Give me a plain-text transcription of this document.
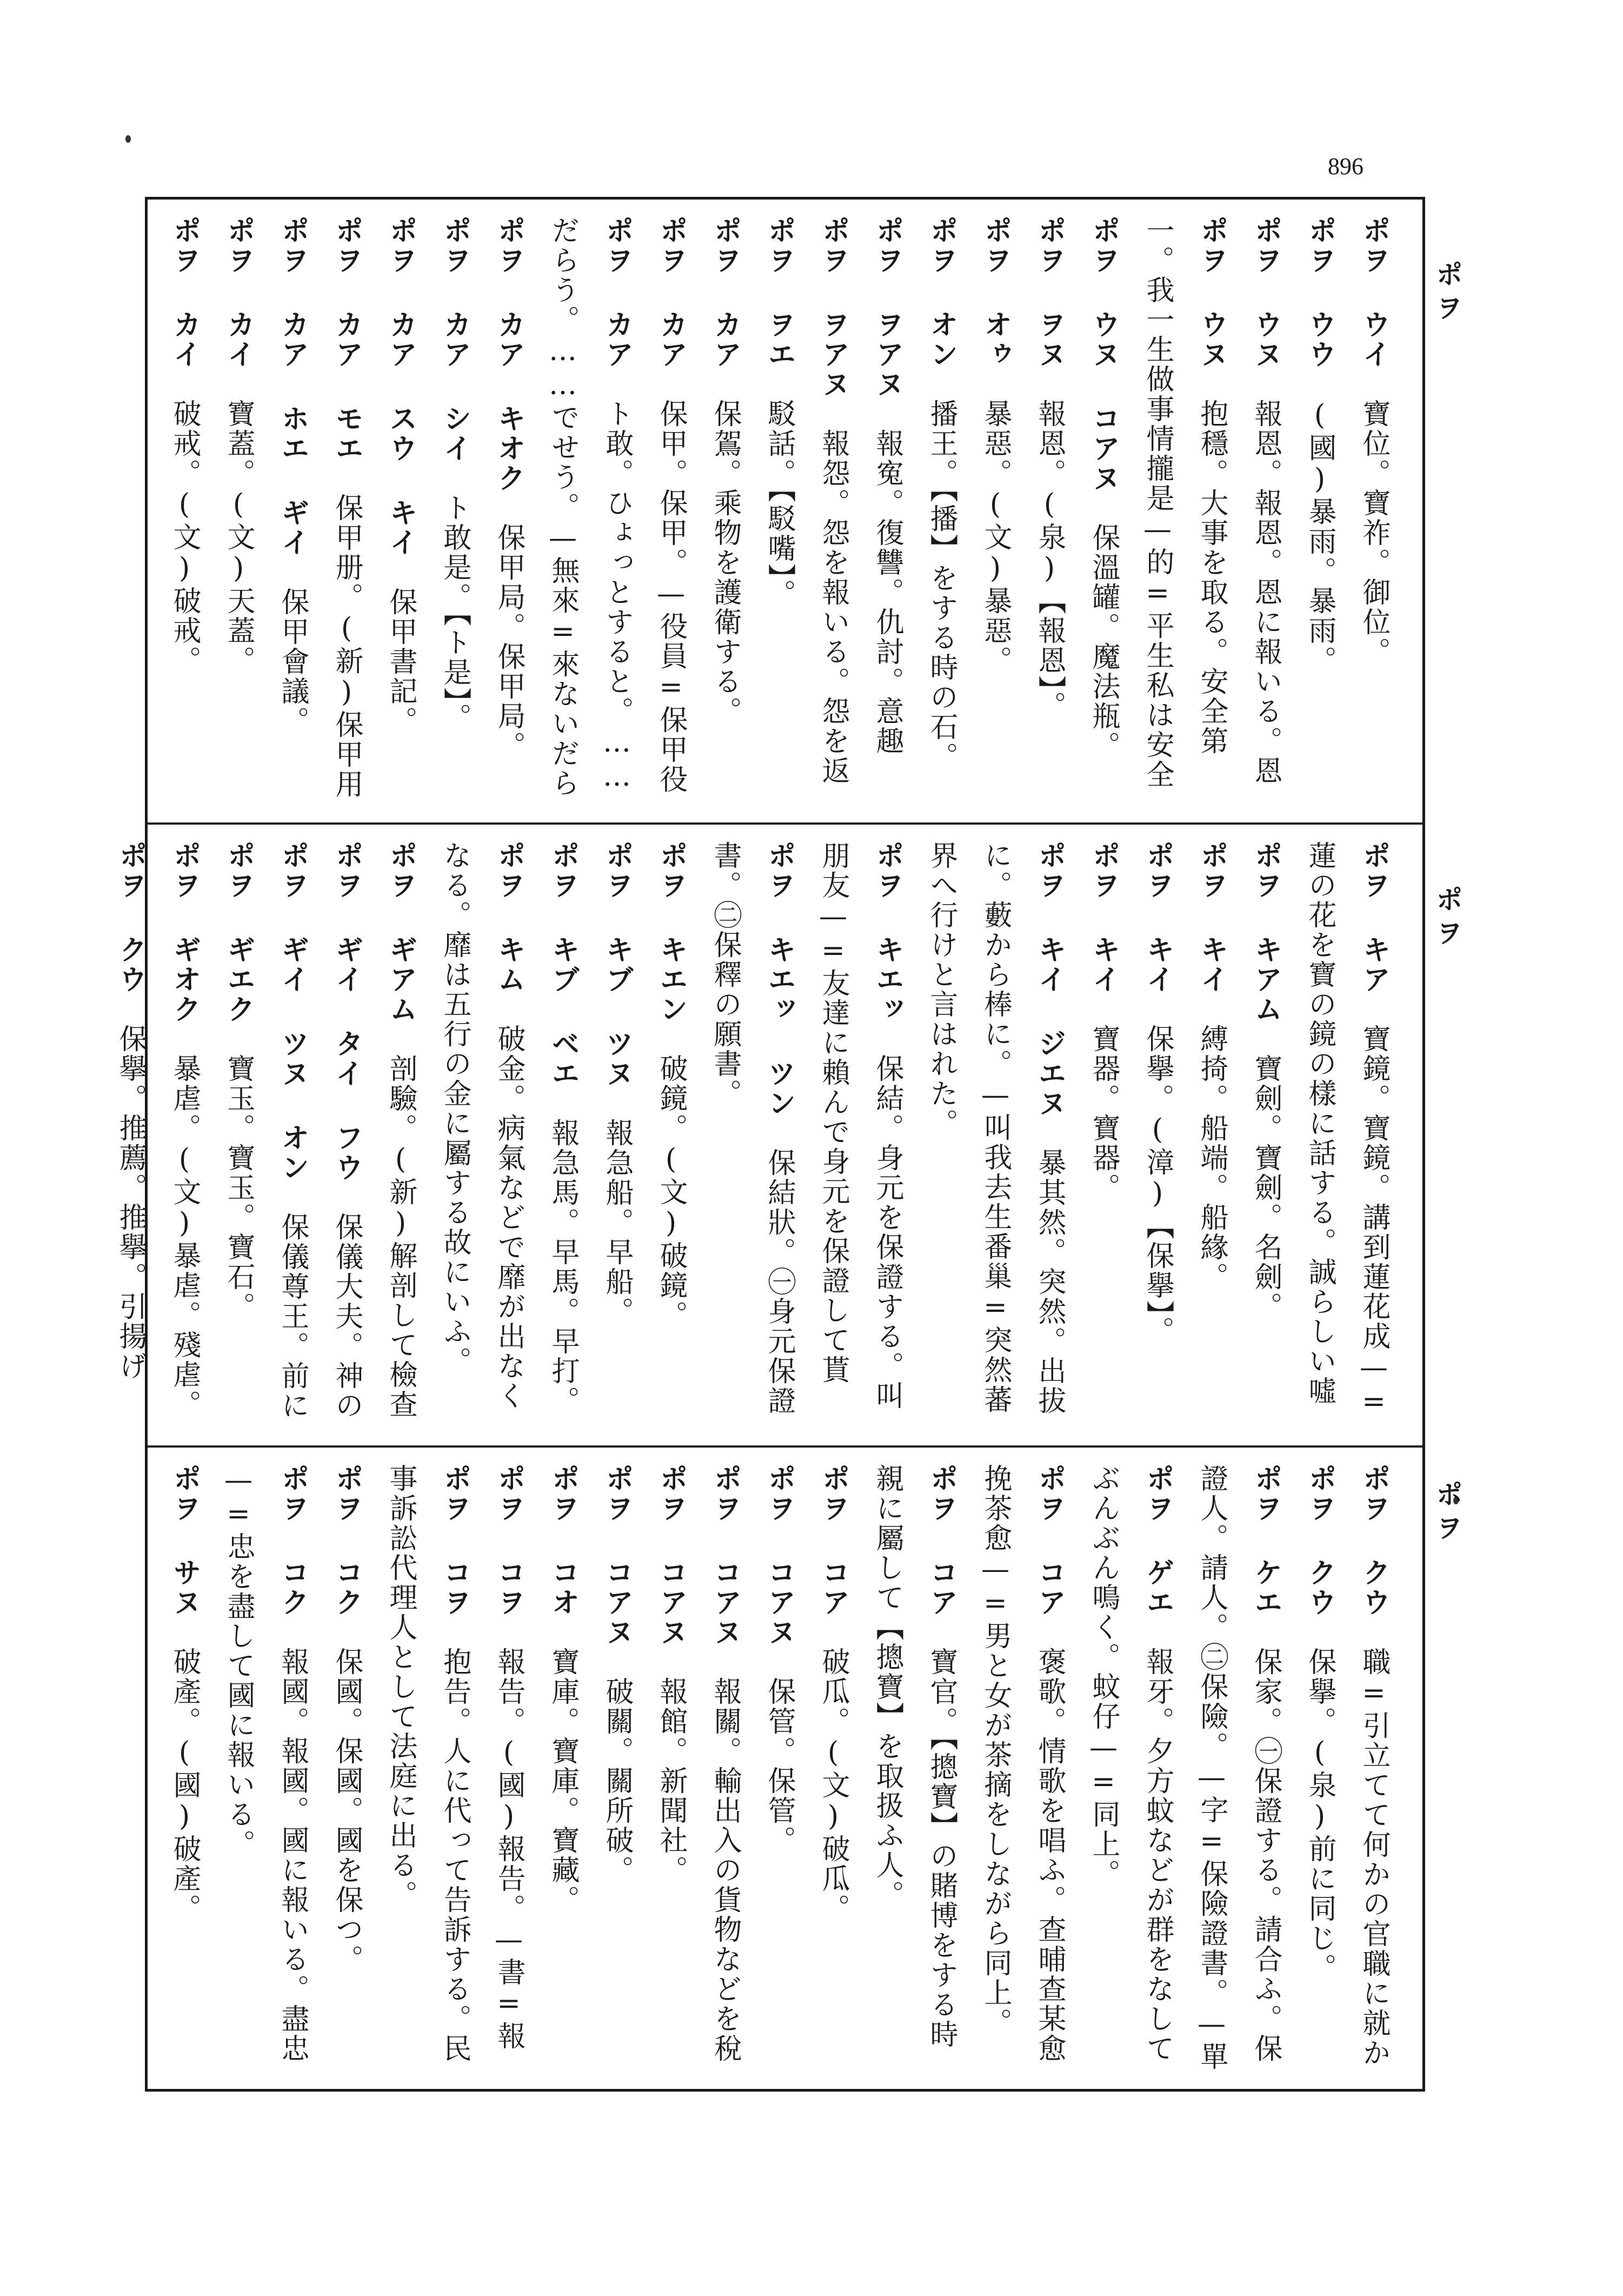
896
ポヲ
ポヲ ウイ　寶位。寶祚。御位。 ポヲ ウウ　(國)暴雨。暴雨。 ポヲ ウヌ　報恩。報恩。恩に報いる。恩  ポヲ ウヌ　抱穩。大事を取る。安全第一。我一生做事情攏是—的=平生私は安全  ポヲ ウヌ コアヌ　保溫罐。魔法瓶。 ポヲ ヲヌ　報恩。(泉)【報恩】。 ポヲ オゥ　暴惡。(文)暴惡。 ポヲ オン　播王。【播】をする時の石。 ポヲ ヲアヌ　報寃。復讐。仇討。意趣  ポヲ ヲアヌ　報怨。怨を報いる。怨を返  ポヲ ヲエ　駁話。【駁嘴】。 ポヲ カア　保鴐。乘物を護衛する。 ポヲ カア　保甲。保甲。—役員=保甲役  ポヲ カア　ト敢。ひょっとすると。……だらう。……でせう。—無來=來ないだら  ポヲ カア キオク　保甲局。保甲局。 ポヲ カア シイ　ト敢是。【ト是】。 ポヲ カア スウ キイ　保甲書記。  ポヲ カア モエ　保甲册。(新)保甲用  ポヲ カア ホエ ギイ　保甲會議。  ポヲ カイ　寶蓋。(文)天蓋。 ポヲ カイ　破戒。(文)破戒。
ポヲ
ポヲ キア　寶鏡。寶鏡。講到蓮花成—=蓮の花を寶の鏡の樣に話する。誠らしい噓  ポヲ キアム　寶劍。寶劍。名劍。 ポヲ キイ　縛掎。船端。船緣。 ポヲ キイ　保擧。(漳)【保擧】。 ポヲ キイ　寶器。寶器。 ポヲ キイ ジエヌ　暴其然。突然。出拔に。藪から棒に。—叫我去生番巢=突然蕃界へ行けと言はれた。 ポヲ キエッ　保結。身元を保證する。叫朋友—=友達に賴んで身元を保證して貰  ポヲ キエッ ツン　保結狀。㊀身元保證書。㊁保釋の願書。 ポヲ キエン　破鏡。(文)破鏡。 ポヲ キブ ツヌ　報急船。早船。 ポヲ キブ ベエ　報急馬。早馬。早打。 ポヲ キム　破金。病氣などで靡が出なくなる。靡は五行の金に屬する故にいふ。 ポヲ ギアム　剖驗。(新)解剖して檢查  ポヲ ギイ タイ フウ　保儀大夫。神の  ポヲ ギイ ツヌ オン　保儀尊王。前に  ポヲ ギエク　寶玉。寶玉。寶石。 ポヲ ギオク　暴虐。(文)暴虐。殘虐。 ポヲ クウ　保擧。推薦。推擧。引揚げ
ポヲ
ポヲ クウ　職=引立てて何かの官職に就か  ポヲ クウ　保擧。(泉)前に同じ。 ポヲ ケエ　保家。㊀保證する。請合ふ。保證人。請人。㊁保險。—字=保險證書。—單  ポヲ ゲエ　報牙。夕方蚊などが群をなしてぶんぶん鳴く。蚊仔—=同上。 ポヲ コア　褒歌。情歌を唱ふ。查晡查某愈挽茶愈—=男と女が茶摘をしながら同上。 ポヲ コア　寶官。【摠寶】の賭博をする時親に屬して【摠寶】を取扱ふ人。 ポヲ コア　破瓜。(文)破瓜。 ポヲ コアヌ　保管。保管。 ポヲ コアヌ　報關。輸出入の貨物などを稅  ポヲ コアヌ　報館。新聞社。 ポヲ コアヌ　破關。關所破。 ポヲ コオ　寶庫。寶庫。寶藏。 ポヲ コヲ　報告。(國)報告。—書=報  ポヲ コヲ　抱告。人に代って告訴する。民事訴訟代理人として法庭に出る。 ポヲ コク　保國。保國。國を保つ。 ポヲ コク　報國。報國。國に報いる。盡忠—=忠を盡して國に報いる。 ポヲ サヌ　破產。(國)破產。
